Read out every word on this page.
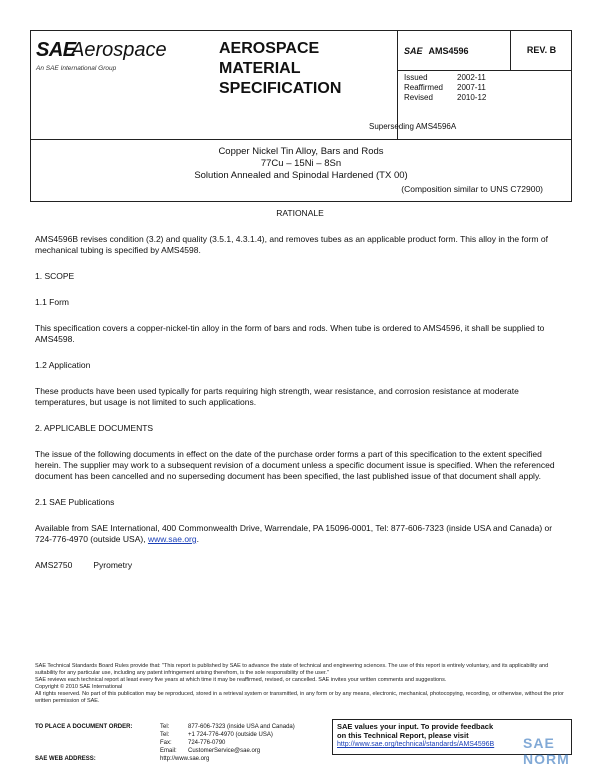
SAE
Aerospace
An SAE International Group
AEROSPACE
MATERIAL
SPECIFICATION
SAE AMS4596
Issued	2002-11
Reaffirmed	2007-11
Revised	2010-12
REV. B
Superseding AMS4596A
Copper Nickel Tin Alloy, Bars and Rods
77Cu – 15Ni – 8Sn
Solution Annealed and Spinodal Hardened (TX 00)
(Composition similar to UNS C72900)

RATIONALE

AMS4596B revises condition (3.2) and quality (3.5.1, 4.3.1.4), and removes tubes as an applicable product form. This alloy in the form of mechanical tubing is specified by AMS4598.

1. SCOPE

1.1 Form

This specification covers a copper-nickel-tin alloy in the form of bars and rods. When tube is ordered to AMS4596, it shall be supplied to AMS4598.

1.2 Application

These products have been used typically for parts requiring high strength, wear resistance, and corrosion resistance at moderate temperatures, but usage is not limited to such applications.

2. APPLICABLE DOCUMENTS

The issue of the following documents in effect on the date of the purchase order forms a part of this specification to the extent specified herein. The supplier may work to a subsequent revision of a document unless a specific document issue is specified. When the referenced document has been cancelled and no superseding document has been specified, the last published issue of that document shall apply.

2.1 SAE Publications

Available from SAE International, 400 Commonwealth Drive, Warrendale, PA 15096-0001, Tel: 877-606-7323 (inside USA and Canada) or 724-776-4970 (outside USA), www.sae.org.

AMS2750 Pyrometry

SAE Technical Standards Board Rules provide that: "This report is published by SAE to advance the state of technical and engineering sciences. The use of this report is entirely voluntary, and its applicability and suitability for any particular use, including any patent infringement arising therefrom, is the sole responsibility of the user."
SAE reviews each technical report at least every five years at which time it may be reaffirmed, revised, or cancelled. SAE invites your written comments and suggestions.
Copyright © 2010 SAE International
All rights reserved. No part of this publication may be reproduced, stored in a retrieval system or transmitted, in any form or by any means, electronic, mechanical, photocopying, recording, or otherwise, without the prior written permission of SAE.
TO PLACE A DOCUMENT ORDER:	Tel:	877-606-7323 (inside USA and Canada)
Tel:	+1 724-776-4970 (outside USA)
Fax:	724-776-0790
Email:	CustomerService@sae.org
SAE WEB ADDRESS:	http://www.sae.org
SAE values your input. To provide feedback
on this Technical Report, please visit
http://www.sae.org/technical/standards/AMS4596B	SAE NORM
